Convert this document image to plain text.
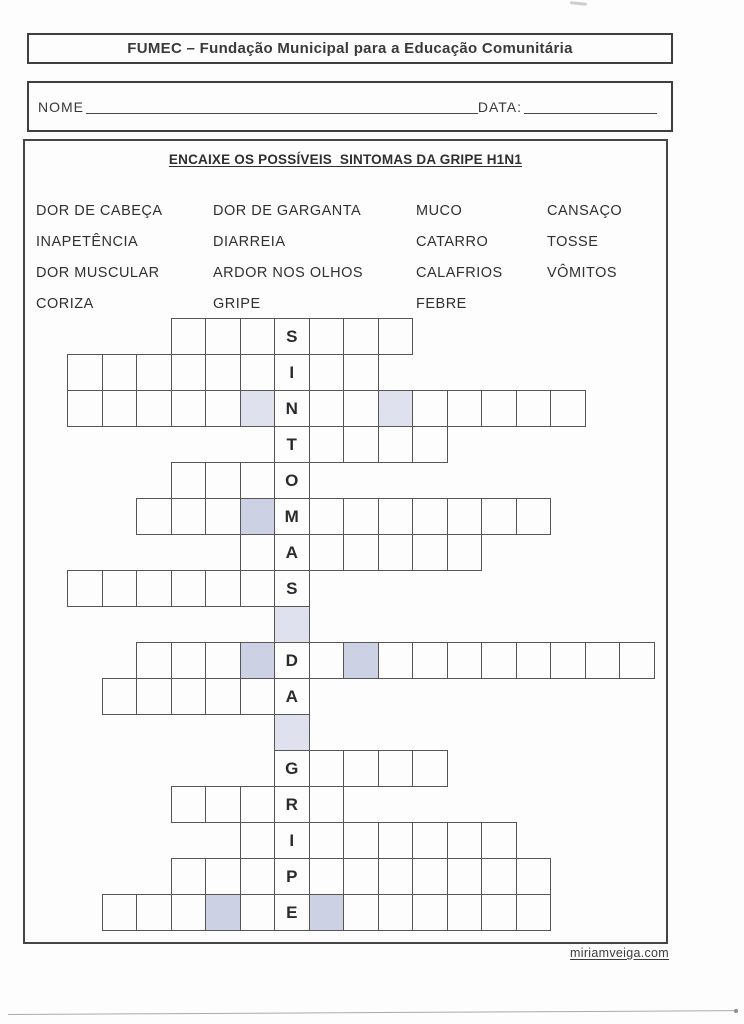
FUMEC – Fundação Municipal para a Educação Comunitária
NOME	DATA:
ENCAIXE OS POSSÍVEIS  SINTOMAS DA GRIPE H1N1
DOR DE CABEÇA
INAPETÊNCIA
DOR MUSCULAR
CORIZA
DOR DE GARGANTA
DIARREIA
ARDOR NOS OLHOS
GRIPE
MUCO
CATARRO
CALAFRIOS
FEBRE
CANSAÇO
TOSSE
VÔMITOS
S
I
N
T
O
M
A
S
D
A
G
R
I
P
E
miriamveiga.com
